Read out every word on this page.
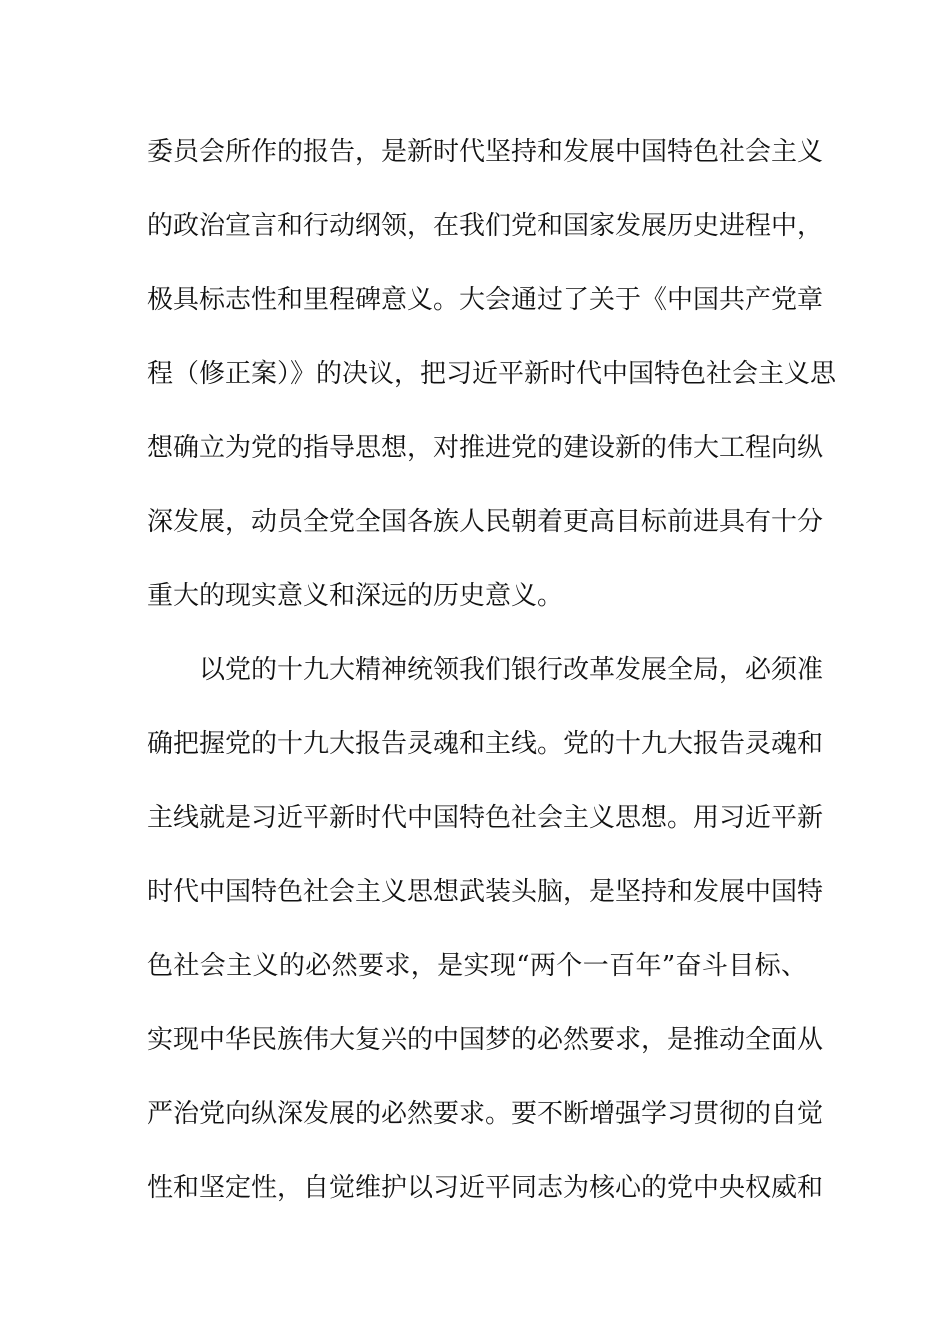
委员会所作的报告，是新时代坚持和发展中国特色社会主义
的政治宣言和行动纲领，在我们党和国家发展历史进程中，
极具标志性和里程碑意义。大会通过了关于《中国共产党章
程（修正案）》的决议，把习近平新时代中国特色社会主义思
想确立为党的指导思想，对推进党的建设新的伟大工程向纵
深发展，动员全党全国各族人民朝着更高目标前进具有十分
重大的现实意义和深远的历史意义。
以党的十九大精神统领我们银行改革发展全局，必须准
确把握党的十九大报告灵魂和主线。党的十九大报告灵魂和
主线就是习近平新时代中国特色社会主义思想。用习近平新
时代中国特色社会主义思想武装头脑，是坚持和发展中国特
色社会主义的必然要求，是实现“两个一百年”奋斗目标、
实现中华民族伟大复兴的中国梦的必然要求，是推动全面从
严治党向纵深发展的必然要求。要不断增强学习贯彻的自觉
性和坚定性，自觉维护以习近平同志为核心的党中央权威和
